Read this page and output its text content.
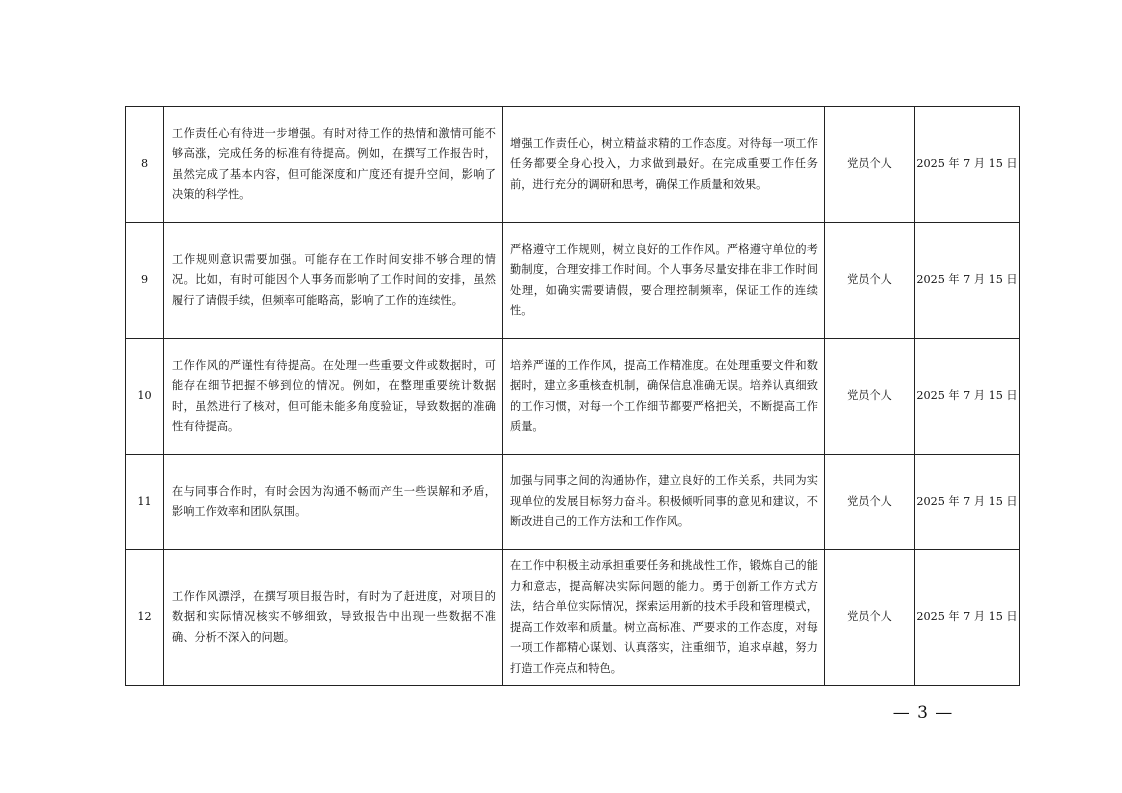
8	工作责任心有待进一步增强。有时对待工作的热情和激情可能不够高涨，完成任务的标准有待提高。例如，在撰写工作报告时，虽然完成了基本内容，但可能深度和广度还有提升空间，影响了决策的科学性。	增强工作责任心，树立精益求精的工作态度。对待每一项工作任务都要全身心投入，力求做到最好。在完成重要工作任务前，进行充分的调研和思考，确保工作质量和效果。	党员个人	2025 年 7 月 15 日

9	工作规则意识需要加强。可能存在工作时间安排不够合理的情况。比如，有时可能因个人事务而影响了工作时间的安排，虽然履行了请假手续，但频率可能略高，影响了工作的连续性。	严格遵守工作规则，树立良好的工作作风。严格遵守单位的考勤制度，合理安排工作时间。个人事务尽量安排在非工作时间处理，如确实需要请假，要合理控制频率，保证工作的连续性。	党员个人	2025 年 7 月 15 日

10	工作作风的严谨性有待提高。在处理一些重要文件或数据时，可能存在细节把握不够到位的情况。例如，在整理重要统计数据时，虽然进行了核对，但可能未能多角度验证，导致数据的准确性有待提高。	培养严谨的工作作风，提高工作精准度。在处理重要文件和数据时，建立多重核查机制，确保信息准确无误。培养认真细致的工作习惯，对每一个工作细节都要严格把关，不断提高工作质量。	党员个人	2025 年 7 月 15 日

11	在与同事合作时，有时会因为沟通不畅而产生一些误解和矛盾，影响工作效率和团队氛围。	加强与同事之间的沟通协作，建立良好的工作关系，共同为实现单位的发展目标努力奋斗。积极倾听同事的意见和建议，不断改进自己的工作方法和工作作风。	党员个人	2025 年 7 月 15 日

12	工作作风漂浮，在撰写项目报告时，有时为了赶进度，对项目的数据和实际情况核实不够细致，导致报告中出现一些数据不准确、分析不深入的问题。	在工作中积极主动承担重要任务和挑战性工作，锻炼自己的能力和意志，提高解决实际问题的能力。勇于创新工作方式方法，结合单位实际情况，探索运用新的技术手段和管理模式，提高工作效率和质量。树立高标准、严要求的工作态度，对每一项工作都精心谋划、认真落实，注重细节，追求卓越，努力打造工作亮点和特色。	党员个人	2025 年 7 月 15 日
— 3 —
